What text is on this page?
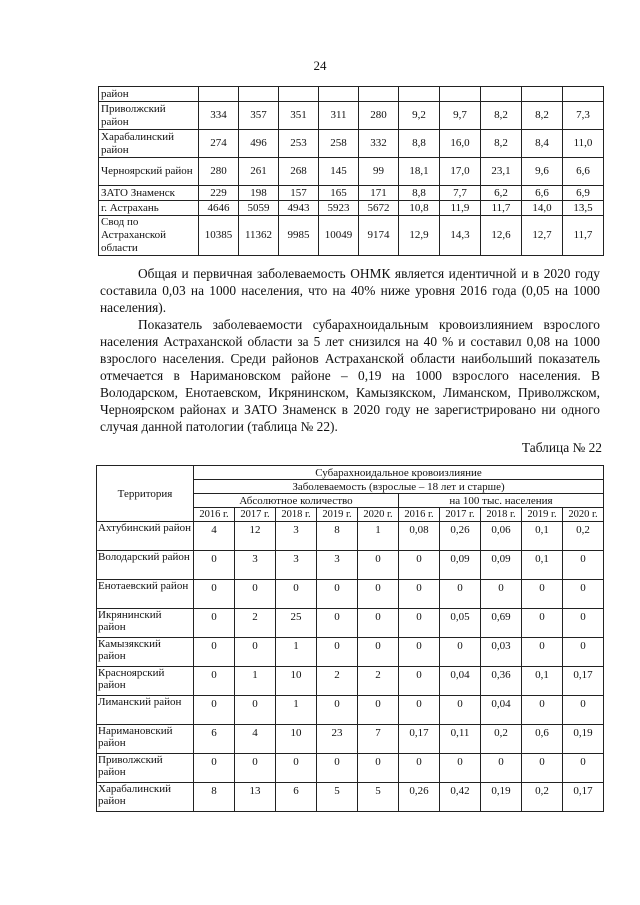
24
район										
Приволжский район	334	357	351	311	280	9,2	9,7	8,2	8,2	7,3
Харабалинский район	274	496	253	258	332	8,8	16,0	8,2	8,4	11,0
Черноярский район	280	261	268	145	99	18,1	17,0	23,1	9,6	6,6
ЗАТО Знаменск	229	198	157	165	171	8,8	7,7	6,2	6,6	6,9
г. Астрахань	4646	5059	4943	5923	5672	10,8	11,9	11,7	14,0	13,5
Свод по Астраханской области	10385	11362	9985	10049	9174	12,9	14,3	12,6	12,7	11,7
Общая и первичная заболеваемость ОНМК является идентичной и в 2020 году составила 0,03 на 1000 населения, что на 40% ниже уровня 2016 года (0,05 на 1000 населения).
Показатель заболеваемости субарахноидальным кровоизлиянием взрослого населения Астраханской области за 5 лет снизился на 40 % и составил 0,08 на 1000 взрослого населения. Среди районов Астраханской области наибольший показатель отмечается в Наримановском районе – 0,19 на 1000 взрослого населения. В Володарском, Енотаевском, Икрянинском, Камызякском, Лиманском, Приволжском, Черноярском районах и ЗАТО Знаменск в 2020 году не зарегистрировано ни одного случая данной патологии (таблица № 22).
Таблица № 22
Территория	Субарахноидальное кровоизлияние									
	Заболеваемость (взрослые – 18 лет и старше)									
	Абсолютное количество					на 100 тыс. населения				
	2016 г.	2017 г.	2018 г.	2019 г.	2020 г.	2016 г.	2017 г.	2018 г.	2019 г.	2020 г.
Ахтубинский район	4	12	3	8	1	0,08	0,26	0,06	0,1	0,2
Володарский район	0	3	3	3	0	0	0,09	0,09	0,1	0
Енотаевский район	0	0	0	0	0	0	0	0	0	0
Икрянинский район	0	2	25	0	0	0	0,05	0,69	0	0
Камызякский район	0	0	1	0	0	0	0	0,03	0	0
Красноярский район	0	1	10	2	2	0	0,04	0,36	0,1	0,17
Лиманский район	0	0	1	0	0	0	0	0,04	0	0
Наримановский район	6	4	10	23	7	0,17	0,11	0,2	0,6	0,19
Приволжский район	0	0	0	0	0	0	0	0	0	0
Харабалинский район	8	13	6	5	5	0,26	0,42	0,19	0,2	0,17
